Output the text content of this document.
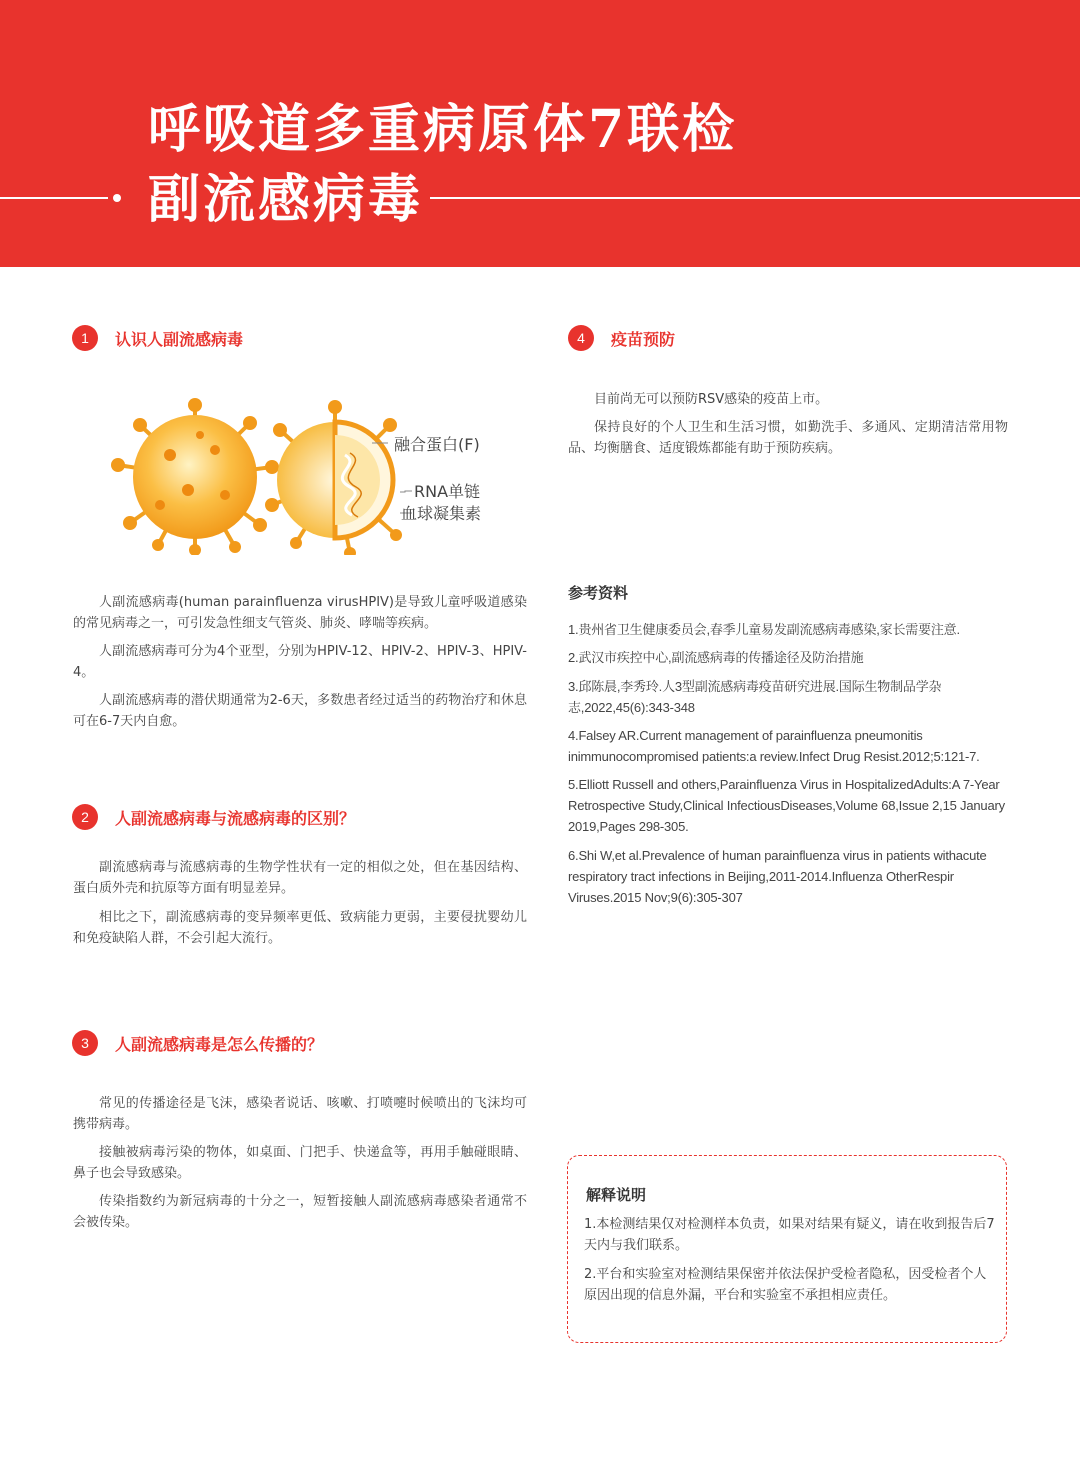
呼吸道多重病原体7联检
副流感病毒
1	认识人副流感病毒
融合蛋白(F)
RNA单链
血球凝集素

人副流感病毒(human parainfluenza virusHPIV)是导致儿童呼吸道感染的常见病毒之一，可引发急性细支气管炎、肺炎、哮喘等疾病。

人副流感病毒可分为4个亚型，分别为HPIV-12、HPIV-2、HPIV-3、HPIV-4。

人副流感病毒的潜伏期通常为2-6天，多数患者经过适当的药物治疗和休息可在6-7天内自愈。

2	人副流感病毒与流感病毒的区别？

副流感病毒与流感病毒的生物学性状有一定的相似之处，但在基因结构、蛋白质外壳和抗原等方面有明显差异。

相比之下，副流感病毒的变异频率更低、致病能力更弱，主要侵扰婴幼儿和免疫缺陷人群，不会引起大流行。

3	人副流感病毒是怎么传播的？

常见的传播途径是飞沫，感染者说话、咳嗽、打喷嚏时候喷出的飞沫均可携带病毒。

接触被病毒污染的物体，如桌面、门把手、快递盒等，再用手触碰眼睛、鼻子也会导致感染。

传染指数约为新冠病毒的十分之一，短暂接触人副流感病毒感染者通常不会被传染。

4	疫苗预防

目前尚无可以预防RSV感染的疫苗上市。

保持良好的个人卫生和生活习惯，如勤洗手、多通风、定期清洁常用物品、均衡膳食、适度锻炼都能有助于预防疾病。

参考资料

1.贵州省卫生健康委员会,春季儿童易发副流感病毒感染,家长需要注意.

2.武汉市疾控中心,副流感病毒的传播途径及防治措施

3.邱陈晨,李秀玲.人3型副流感病毒疫苗研究进展.国际生物制品学杂志,2022,45(6):343-348

4.Falsey AR.Current management of parainfluenza pneumonitis inimmunocompromised patients:a review.Infect Drug Resist.2012;5:121-7.

5.Elliott Russell and others,Parainfluenza Virus in HospitalizedAdults:A 7-Year Retrospective Study,Clinical InfectiousDiseases,Volume 68,Issue 2,15 January 2019,Pages 298-305.

6.Shi W,et al.Prevalence of human parainfluenza virus in patients withacute respiratory tract infections in Beijing,2011-2014.Influenza OtherRespir Viruses.2015 Nov;9(6):305-307

解释说明

1.本检测结果仅对检测样本负责，如果对结果有疑义，请在收到报告后7天内与我们联系。

2.平台和实验室对检测结果保密并依法保护受检者隐私，因受检者个人原因出现的信息外漏，平台和实验室不承担相应责任。
